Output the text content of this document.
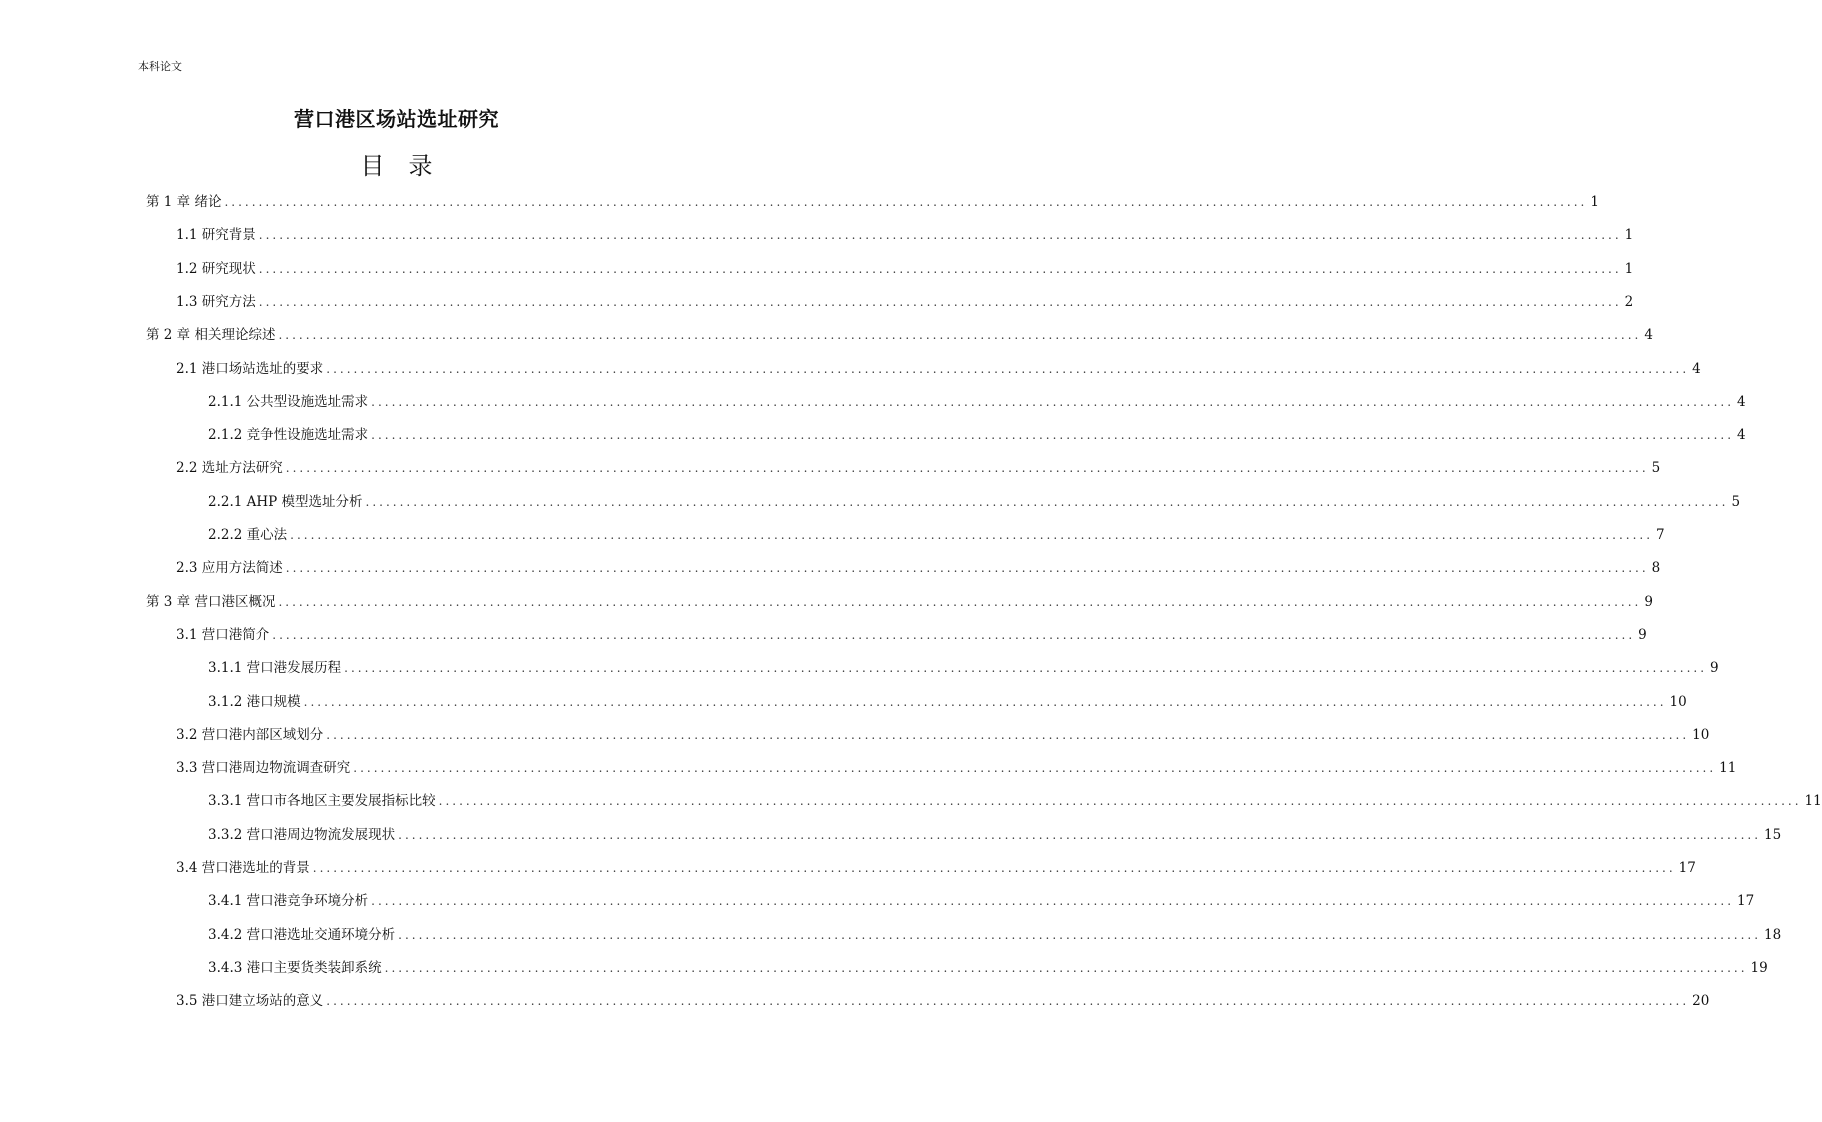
本科论文
营口港区场站选址研究
目　录
第 1 章 绪论 ........................................................................................................................................................................................................ 1
1.1 研究背景 ........................................................................................................................................................................................................ 1
1.2 研究现状 ........................................................................................................................................................................................................ 1
1.3 研究方法 ........................................................................................................................................................................................................ 2
第 2 章 相关理论综述 ........................................................................................................................................................................................................ 4
2.1 港口场站选址的要求 ........................................................................................................................................................................................................ 4
2.1.1 公共型设施选址需求 ........................................................................................................................................................................................................ 4
2.1.2 竞争性设施选址需求 ........................................................................................................................................................................................................ 4
2.2 选址方法研究 ........................................................................................................................................................................................................ 5
2.2.1 AHP 模型选址分析 ........................................................................................................................................................................................................ 5
2.2.2 重心法 ........................................................................................................................................................................................................ 7
2.3 应用方法简述 ........................................................................................................................................................................................................ 8
第 3 章 营口港区概况 ........................................................................................................................................................................................................ 9
3.1 营口港简介 ........................................................................................................................................................................................................ 9
3.1.1 营口港发展历程 ........................................................................................................................................................................................................ 9
3.1.2 港口规模 ........................................................................................................................................................................................................ 10
3.2 营口港内部区域划分 ........................................................................................................................................................................................................ 10
3.3 营口港周边物流调查研究 ........................................................................................................................................................................................................ 11
3.3.1 营口市各地区主要发展指标比较 ........................................................................................................................................................................................................ 11
3.3.2 营口港周边物流发展现状 ........................................................................................................................................................................................................ 15
3.4 营口港选址的背景 ........................................................................................................................................................................................................ 17
3.4.1 营口港竞争环境分析 ........................................................................................................................................................................................................ 17
3.4.2 营口港选址交通环境分析 ........................................................................................................................................................................................................ 18
3.4.3 港口主要货类装卸系统 ........................................................................................................................................................................................................ 19
3.5 港口建立场站的意义 ........................................................................................................................................................................................................ 20
